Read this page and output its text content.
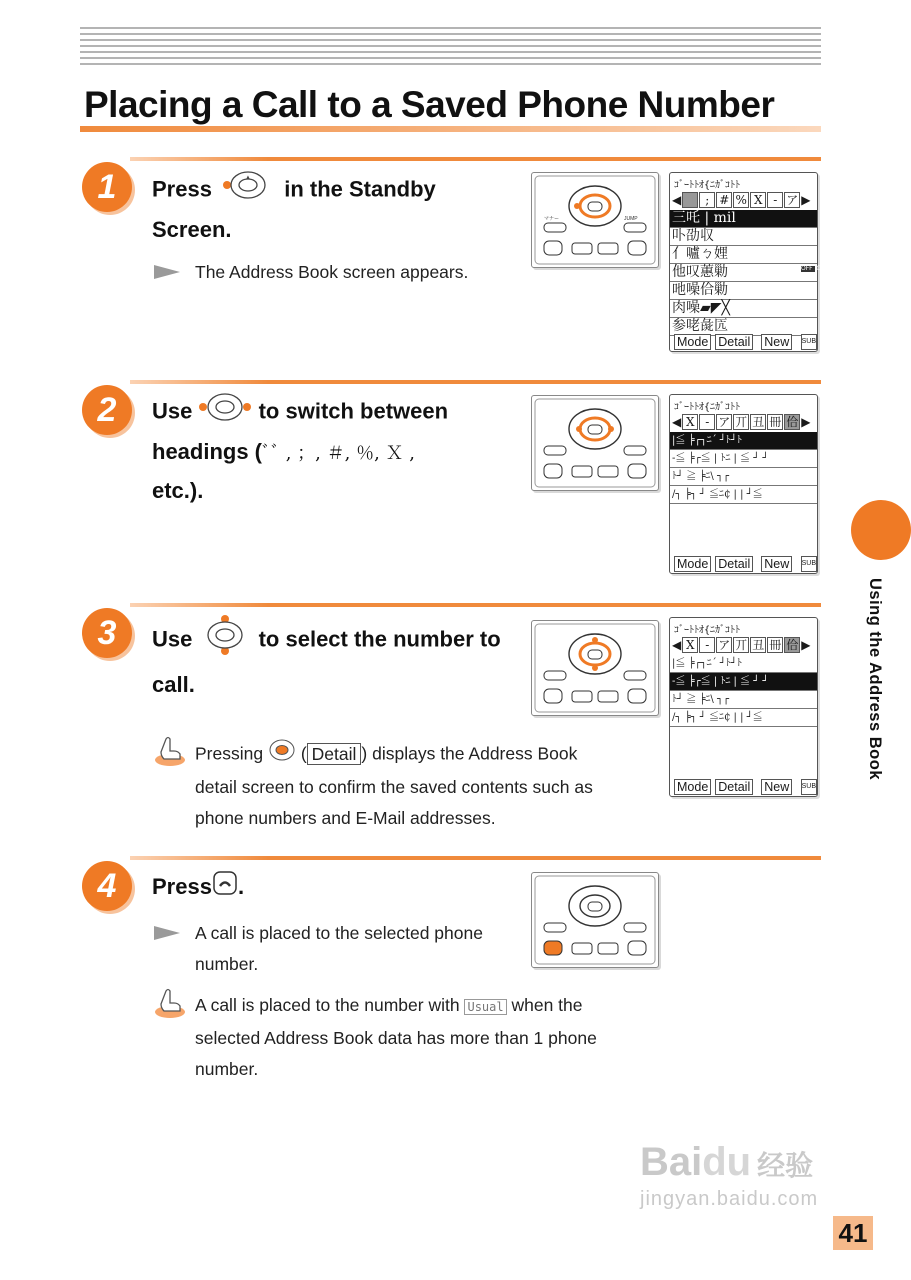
Placing a Call to a Saved Phone Number
1	Press	▲ in the Standby
Screen.
The Address Book screen appears.
マナー	JUMP
ｺﾞｰﾄﾄｵ{ﾆｶﾞｺﾄﾄ
◀ ▮ ; # % X - ア ▶
三吒 | mil
卟劭収
亻嚧ㄅ娌
他叹蕙勦	OFF ICN
吔噪佮勦
肉噪▰◤╳
参咾彘匟
Mode Detail New	SUB
2	Use	to switch between
headings (ﾞﾞ , ；, ＃, ％, Ｘ ,
etc.).
ｺﾞｰﾄﾄｵ{ﾆｶﾞｺﾄﾄ
◀ X - ア 丌 丑 冊 佮 ▶
|≦ ╞┌┐ﾆ´ ┘ﾄ┘ﾄ
-≦ ╞┌≦ | ﾄﾆ | ≦ ┘ ┘
ﾄ┘ ≧ ╞ﾆ\ ┐┌
/┐ ╞┐ ┘ ≦ﾆ₵ | | ┘≦
Mode Detail New	SUB
3	Use	to select the number to
call.
ｺﾞｰﾄﾄｵ{ﾆｶﾞｺﾄﾄ
◀ X - ア 丌 丑 冊 佮 ▶
|≦ ╞┌┐ﾆ´ ┘ﾄ┘ﾄ
-≦ ╞┌≦ | ﾄﾆ | ≦ ┘ ┘
ﾄ┘ ≧ ╞ﾆ\ ┐┌
/┐ ╞┐ ┘ ≦ﾆ₵ | | ┘≦
Mode Detail New	SUB
Pressing ( Detail ) displays the Address Book
detail screen to confirm the saved contents such as
phone numbers and E-Mail addresses.
4	Press .
A call is placed to the selected phone
number.
A call is placed to the number with Usual when the
selected Address Book data has more than 1 phone
number.
Using the Address Book
Baidu 经验
jingyan.baidu.com
41
